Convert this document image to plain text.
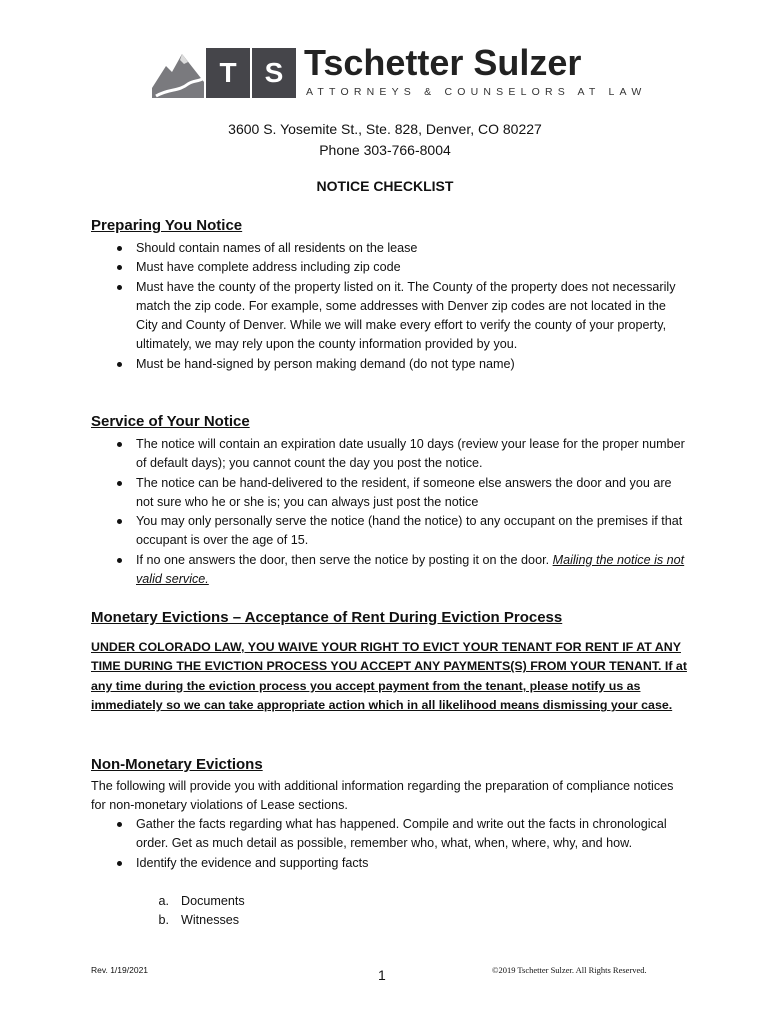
T	S Tschetter Sulzer
ATTORNEYS & COUNSELORS AT LAW
3600 S. Yosemite St., Ste. 828, Denver, CO 80227
Phone 303-766-8004
NOTICE CHECKLIST
Preparing You Notice
Should contain names of all residents on the lease
Must have complete address including zip code
Must have the county of the property listed on it. The County of the property does not necessarily match the zip code. For example, some addresses with Denver zip codes are not located in the City and County of Denver. While we will make every effort to verify the county of your property, ultimately, we may rely upon the county information provided by you.
Must be hand-signed by person making demand (do not type name)
Service of Your Notice
The notice will contain an expiration date usually 10 days (review your lease for the proper number of default days); you cannot count the day you post the notice.
The notice can be hand-delivered to the resident, if someone else answers the door and you are not sure who he or she is; you can always just post the notice
You may only personally serve the notice (hand the notice) to any occupant on the premises if that occupant is over the age of 15.
If no one answers the door, then serve the notice by posting it on the door. Mailing the notice is not valid service.
Monetary Evictions – Acceptance of Rent During Eviction Process
UNDER COLORADO LAW, YOU WAIVE YOUR RIGHT TO EVICT YOUR TENANT FOR RENT IF AT ANY TIME DURING THE EVICTION PROCESS YOU ACCEPT ANY PAYMENTS(S) FROM YOUR TENANT. If at any time during the eviction process you accept payment from the tenant, please notify us as immediately so we can take appropriate action which in all likelihood means dismissing your case.
Non-Monetary Evictions
The following will provide you with additional information regarding the preparation of compliance notices for non-monetary violations of Lease sections.
Gather the facts regarding what has happened. Compile and write out the facts in chronological order. Get as much detail as possible, remember who, what, when, where, why, and how.
Identify the evidence and supporting facts
a. Documents
b. Witnesses
Rev. 1/19/2021	1	©2019 Tschetter Sulzer. All Rights Reserved.
